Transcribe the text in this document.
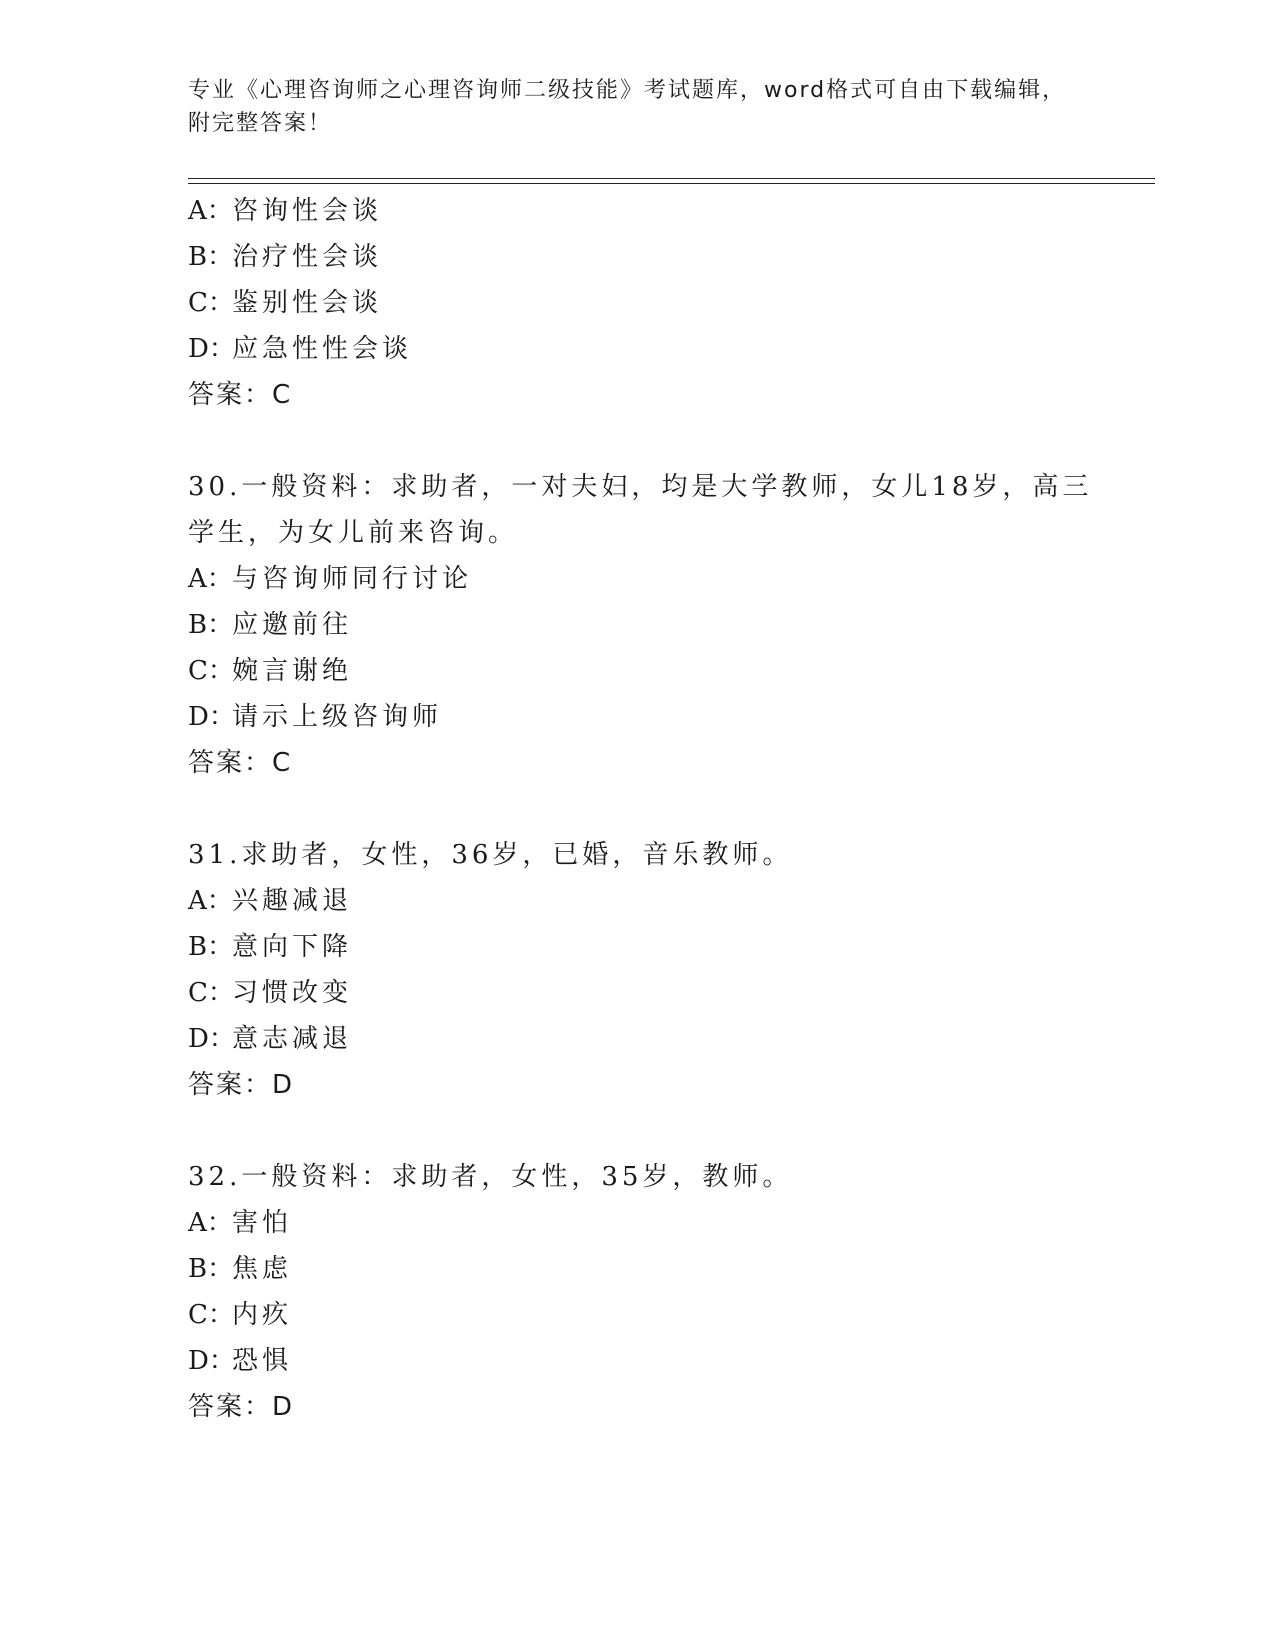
专业《心理咨询师之心理咨询师二级技能》考试题库，word格式可自由下载编辑，附完整答案！
A：咨询性会谈
B：治疗性会谈
C：鉴别性会谈
D：应急性性会谈
答案：C
30.一般资料：求助者，一对夫妇，均是大学教师，女儿18岁，高三
学生，为女儿前来咨询。
A：与咨询师同行讨论
B：应邀前往
C：婉言谢绝
D：请示上级咨询师
答案：C
31.求助者，女性，36岁，已婚，音乐教师。
A：兴趣减退
B：意向下降
C：习惯改变
D：意志减退
答案：D
32.一般资料：求助者，女性，35岁，教师。
A：害怕
B：焦虑
C：内疚
D：恐惧
答案：D
